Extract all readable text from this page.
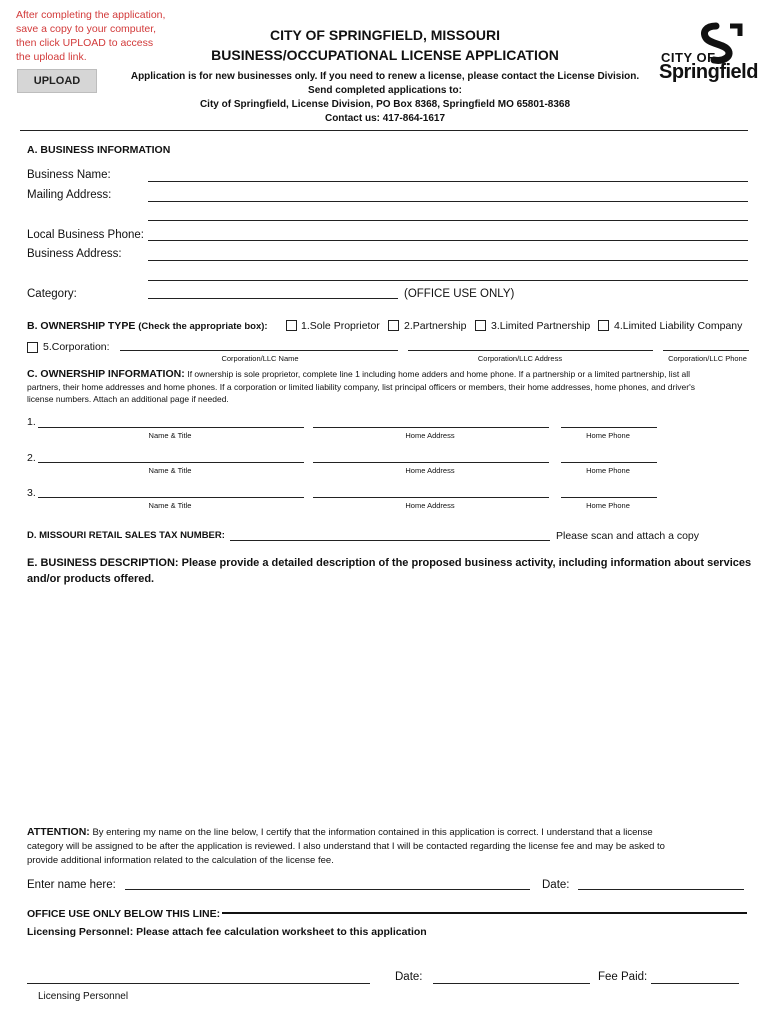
After completing the application,
save a copy to your computer,
then click UPLOAD to access
the upload link.
UPLOAD
CITY OF SPRINGFIELD, MISSOURI
BUSINESS/OCCUPATIONAL LICENSE APPLICATION
Application is for new businesses only. If you need to renew a license, please contact the License Division.
Send completed applications to:
City of Springfield, License Division, PO Box 8368, Springfield MO 65801-8368
Contact us: 417-864-1617
CITY OF
Springfield
A. BUSINESS INFORMATION
Business Name:
Mailing Address:
Local Business Phone:
Business Address:
Category:	(OFFICE USE ONLY)
B. OWNERSHIP TYPE (Check the appropriate box):	1.Sole Proprietor 2.Partnership 3.Limited Partnership 4.Limited Liability Company
5.Corporation:
Corporation/LLC Name	Corporation/LLC Address	Corporation/LLC Phone
C. OWNERSHIP INFORMATION: If ownership is sole proprietor, complete line 1 including home adders and home phone. If a partnership or a limited partnership, list all
partners, their home addresses and home phones. If a corporation or limited liability company, list principal officers or members, their home addresses, home phones, and driver's
license numbers. Attach an additional page if needed.
1.
Name & Title	Home Address	Home Phone
2.
Name & Title	Home Address	Home Phone
3.
Name & Title	Home Address	Home Phone
D. MISSOURI RETAIL SALES TAX NUMBER:	Please scan and attach a copy
E. BUSINESS DESCRIPTION: Please provide a detailed description of the proposed business activity, including information about services
and/or products offered.
ATTENTION: By entering my name on the line below, I certify that the information contained in this application is correct. I understand that a license
category will be assigned to be after the application is reviewed. I also understand that I will be contacted regarding the license fee and may be asked to
provide additional information related to the calculation of the license fee.
Enter name here:	Date:
OFFICE USE ONLY BELOW THIS LINE:
Licensing Personnel: Please attach fee calculation worksheet to this application
Date:	Fee Paid:
Licensing Personnel
